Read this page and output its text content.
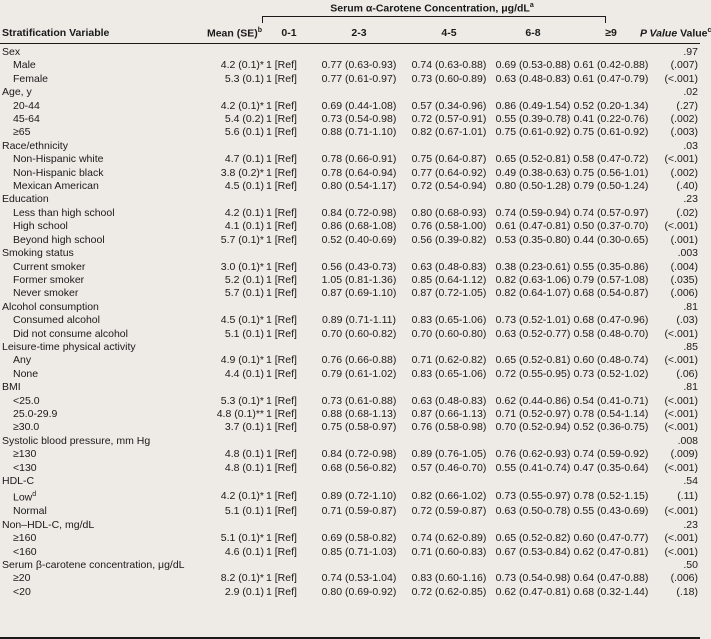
Serum α-Carotene Concentration, $\mu g/dL^a$
Stratification Variable	Mean (SE)$^b$	0-1	2-3	4-5	6-8	≥9	P Value Value$^c$
Sex							.97
Male	4.2 (0.1)*	1 [Ref]	0.77 (0.63-0.93)	0.74 (0.63-0.88)	0.69 (0.53-0.88)	0.61 (0.42-0.88)	(.007)
Female	5.3 (0.1)	1 [Ref]	0.77 (0.61-0.97)	0.73 (0.60-0.89)	0.63 (0.48-0.83)	0.61 (0.47-0.79)	(<.001)
Age, y							.02
20-44	4.2 (0.1)*	1 [Ref]	0.69 (0.44-1.08)	0.57 (0.34-0.96)	0.86 (0.49-1.54)	0.52 (0.20-1.34)	(.27)
45-64	5.4 (0.2)	1 [Ref]	0.73 (0.54-0.98)	0.72 (0.57-0.91)	0.55 (0.39-0.78)	0.41 (0.22-0.76)	(.002)
≥65	5.6 (0.1)	1 [Ref]	0.88 (0.71-1.10)	0.82 (0.67-1.01)	0.75 (0.61-0.92)	0.75 (0.61-0.92)	(.003)
Race/ethnicity							.03
Non-Hispanic white	4.7 (0.1)	1 [Ref]	0.78 (0.66-0.91)	0.75 (0.64-0.87)	0.65 (0.52-0.81)	0.58 (0.47-0.72)	(<.001)
Non-Hispanic black	3.8 (0.2)*	1 [Ref]	0.78 (0.64-0.94)	0.77 (0.64-0.92)	0.49 (0.38-0.63)	0.75 (0.56-1.01)	(.002)
Mexican American	4.5 (0.1)	1 [Ref]	0.80 (0.54-1.17)	0.72 (0.54-0.94)	0.80 (0.50-1.28)	0.79 (0.50-1.24)	(.40)
Education							.23
Less than high school	4.2 (0.1)	1 [Ref]	0.84 (0.72-0.98)	0.80 (0.68-0.93)	0.74 (0.59-0.94)	0.74 (0.57-0.97)	(.02)
High school	4.1 (0.1)	1 [Ref]	0.86 (0.68-1.08)	0.76 (0.58-1.00)	0.61 (0.47-0.81)	0.50 (0.37-0.70)	(<.001)
Beyond high school	5.7 (0.1)*	1 [Ref]	0.52 (0.40-0.69)	0.56 (0.39-0.82)	0.53 (0.35-0.80)	0.44 (0.30-0.65)	(.001)
Smoking status							.003
Current smoker	3.0 (0.1)*	1 [Ref]	0.56 (0.43-0.73)	0.63 (0.48-0.83)	0.38 (0.23-0.61)	0.55 (0.35-0.86)	(.004)
Former smoker	5.2 (0.1)	1 [Ref]	1.05 (0.81-1.36)	0.85 (0.64-1.12)	0.82 (0.63-1.06)	0.79 (0.57-1.08)	(.035)
Never smoker	5.7 (0.1)	1 [Ref]	0.87 (0.69-1.10)	0.87 (0.72-1.05)	0.82 (0.64-1.07)	0.68 (0.54-0.87)	(.006)
Alcohol consumption							.81
Consumed alcohol	4.5 (0.1)*	1 [Ref]	0.89 (0.71-1.11)	0.83 (0.65-1.06)	0.73 (0.52-1.01)	0.68 (0.47-0.96)	(.03)
Did not consume alcohol	5.1 (0.1)	1 [Ref]	0.70 (0.60-0.82)	0.70 (0.60-0.80)	0.63 (0.52-0.77)	0.58 (0.48-0.70)	(<.001)
Leisure-time physical activity							.85
Any	4.9 (0.1)*	1 [Ref]	0.76 (0.66-0.88)	0.71 (0.62-0.82)	0.65 (0.52-0.81)	0.60 (0.48-0.74)	(<.001)
None	4.4 (0.1)	1 [Ref]	0.79 (0.61-1.02)	0.83 (0.65-1.06)	0.72 (0.55-0.95)	0.73 (0.52-1.02)	(.06)
BMI							.81
<25.0	5.3 (0.1)*	1 [Ref]	0.73 (0.61-0.88)	0.63 (0.48-0.83)	0.62 (0.44-0.86)	0.54 (0.41-0.71)	(<.001)
25.0-29.9	4.8 (0.1)**	1 [Ref]	0.88 (0.68-1.13)	0.87 (0.66-1.13)	0.71 (0.52-0.97)	0.78 (0.54-1.14)	(<.001)
≥30.0	3.7 (0.1)	1 [Ref]	0.75 (0.58-0.97)	0.76 (0.58-0.98)	0.70 (0.52-0.94)	0.52 (0.36-0.75)	(<.001)
Systolic blood pressure, mm Hg							.008
≥130	4.8 (0.1)	1 [Ref]	0.84 (0.72-0.98)	0.89 (0.76-1.05)	0.76 (0.62-0.93)	0.74 (0.59-0.92)	(.009)
<130	4.8 (0.1)	1 [Ref]	0.68 (0.56-0.82)	0.57 (0.46-0.70)	0.55 (0.41-0.74)	0.47 (0.35-0.64)	(<.001)
HDL-C							.54
Low$^d$	4.2 (0.1)*	1 [Ref]	0.89 (0.72-1.10)	0.82 (0.66-1.02)	0.73 (0.55-0.97)	0.78 (0.52-1.15)	(.11)
Normal	5.1 (0.1)	1 [Ref]	0.71 (0.59-0.87)	0.72 (0.59-0.87)	0.63 (0.50-0.78)	0.55 (0.43-0.69)	(<.001)
Non–HDL-C, mg/dL							.23
≥160	5.1 (0.1)*	1 [Ref]	0.69 (0.58-0.82)	0.74 (0.62-0.89)	0.65 (0.52-0.82)	0.60 (0.47-0.77)	(<.001)
<160	4.6 (0.1)	1 [Ref]	0.85 (0.71-1.03)	0.71 (0.60-0.83)	0.67 (0.53-0.84)	0.62 (0.47-0.81)	(<.001)
Serum β-carotene concentration, μg/dL							.50
≥20	8.2 (0.1)*	1 [Ref]	0.74 (0.53-1.04)	0.83 (0.60-1.16)	0.73 (0.54-0.98)	0.64 (0.47-0.88)	(.006)
<20	2.9 (0.1)	1 [Ref]	0.80 (0.69-0.92)	0.72 (0.62-0.85)	0.62 (0.47-0.81)	0.68 (0.32-1.44)	(.18)
